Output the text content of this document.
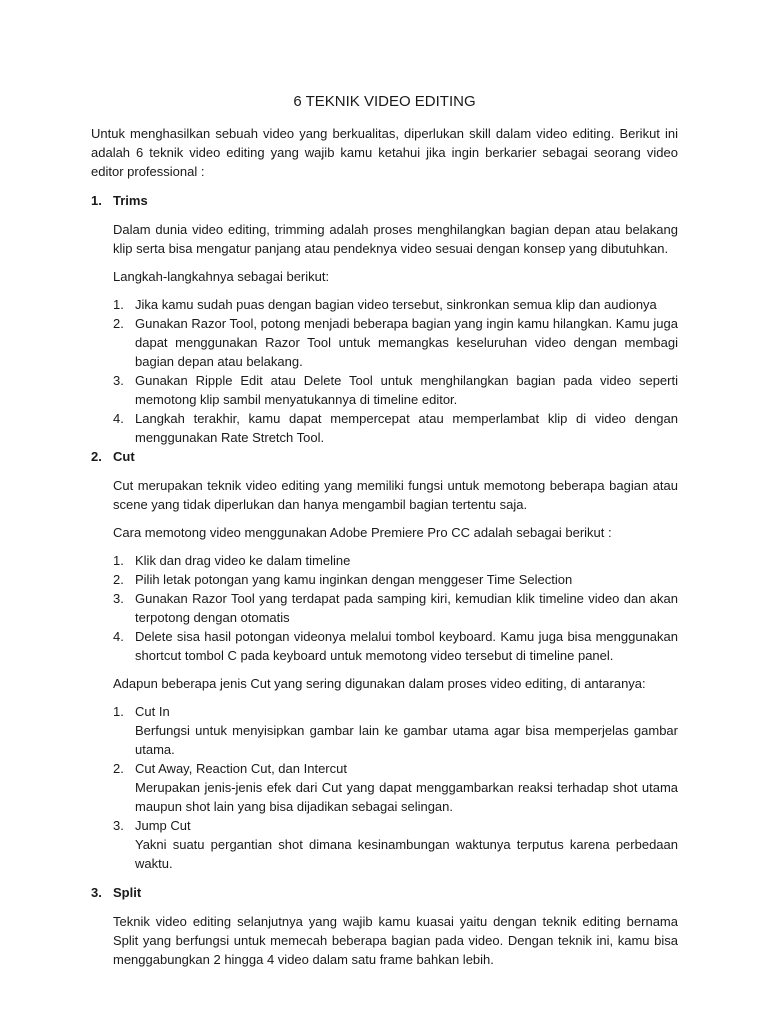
6 TEKNIK VIDEO EDITING

Untuk menghasilkan sebuah video yang berkualitas, diperlukan skill dalam video editing. Berikut ini adalah 6 teknik video editing yang wajib kamu ketahui jika ingin berkarier sebagai seorang video editor professional :

1. Trims

Dalam dunia video editing, trimming adalah proses menghilangkan bagian depan atau belakang klip serta bisa mengatur panjang atau pendeknya video sesuai dengan konsep yang dibutuhkan.

Langkah-langkahnya sebagai berikut:

1. Jika kamu sudah puas dengan bagian video tersebut, sinkronkan semua klip dan audionya
2. Gunakan Razor Tool, potong menjadi beberapa bagian yang ingin kamu hilangkan. Kamu juga dapat menggunakan Razor Tool untuk memangkas keseluruhan video dengan membagi bagian depan atau belakang.
3. Gunakan Ripple Edit atau Delete Tool untuk menghilangkan bagian pada video seperti memotong klip sambil menyatukannya di timeline editor.
4. Langkah terakhir, kamu dapat mempercepat atau memperlambat klip di video dengan menggunakan Rate Stretch Tool.
2. Cut

Cut merupakan teknik video editing yang memiliki fungsi untuk memotong beberapa bagian atau scene yang tidak diperlukan dan hanya mengambil bagian tertentu saja.

Cara memotong video menggunakan Adobe Premiere Pro CC adalah sebagai berikut :

1. Klik dan drag video ke dalam timeline
2. Pilih letak potongan yang kamu inginkan dengan menggeser Time Selection
3. Gunakan Razor Tool yang terdapat pada samping kiri, kemudian klik timeline video dan akan terpotong dengan otomatis
4. Delete sisa hasil potongan videonya melalui tombol keyboard. Kamu juga bisa menggunakan shortcut tombol C pada keyboard untuk memotong video tersebut di timeline panel.

Adapun beberapa jenis Cut yang sering digunakan dalam proses video editing, di antaranya:

1. Cut In
Berfungsi untuk menyisipkan gambar lain ke gambar utama agar bisa memperjelas gambar utama.
2. Cut Away, Reaction Cut, dan Intercut
Merupakan jenis-jenis efek dari Cut yang dapat menggambarkan reaksi terhadap shot utama maupun shot lain yang bisa dijadikan sebagai selingan.
3. Jump Cut
Yakni suatu pergantian shot dimana kesinambungan waktunya terputus karena perbedaan waktu.
3. Split

Teknik video editing selanjutnya yang wajib kamu kuasai yaitu dengan teknik editing bernama Split yang berfungsi untuk memecah beberapa bagian pada video. Dengan teknik ini, kamu bisa menggabungkan 2 hingga 4 video dalam satu frame bahkan lebih.
